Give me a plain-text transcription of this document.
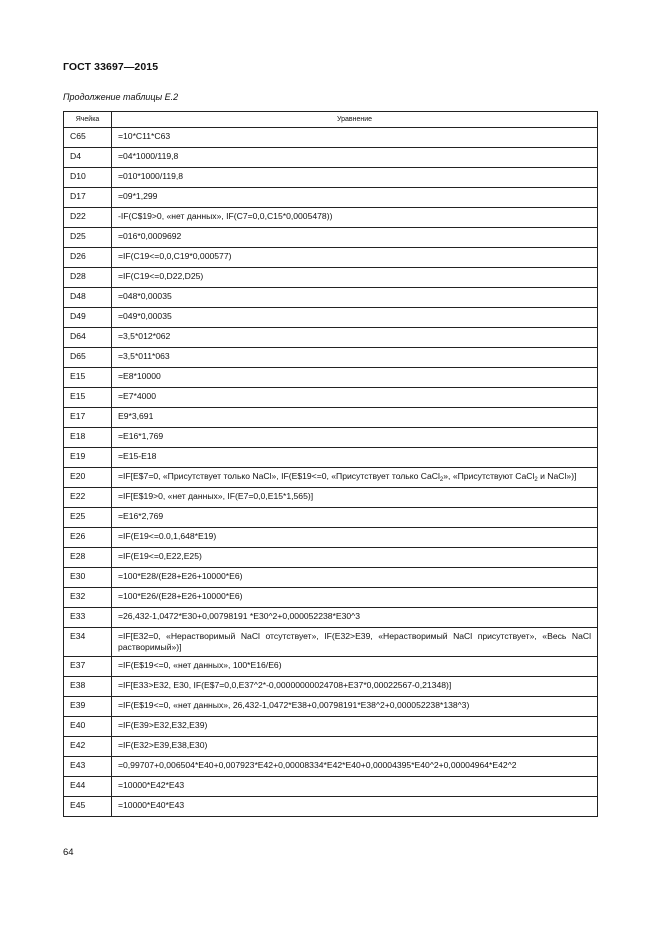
ГОСТ 33697—2015
Продолжение таблицы Е.2
Ячейка	Уравнение
C65	=10*C11*C63
D4	=04*1000/119,8
D10	=010*1000/119,8
D17	=09*1,299
D22	-IF(C$19>0, «нет данных», IF(C7=0,0,C15*0,0005478))
D25	=016*0,0009692
D26	=IF(C19<=0,0,C19*0,000577)
D28	=IF(C19<=0,D22,D25)
D48	=048*0,00035
D49	=049*0,00035
D64	=3,5*012*062
D65	=3,5*011*063
E15	=E8*10000
E15	=E7*4000
E17	E9*3,691
E18	=E16*1,769
E19	=E15-E18
E20	=IF[E$7=0, «Присутствует только NaCl», IF(E$19<=0, «Присутствует только CaCl$_2$», «Присутствуют CaCl$_2$ и NaCl»)]
E22	=IF[E$19>0, «нет данных», IF(E7=0,0,E15*1,565)]
E25	=E16*2,769
E26	=IF(E19<=0.0,1,648*E19)
E28	=IF(E19<=0,E22,E25)
E30	=100*E28/(E28+E26+10000*E6)
E32	=100*E26/(E28+E26+10000*E6)
E33	=26,432-1,0472*E30+0,00798191 *E30^2+0,000052238*E30^3
E34	=IF[E32=0, «Нерастворимый NaCl отсутствует», IF(E32>E39, «Нерастворимый NaCl присутствует», «Весь NaCl растворимый»)]
E37	=IF(E$19<=0, «нет данных», 100*E16/E6)
E38	=IF[E33>E32, E30, IF(E$7=0,0,E37^2*-0,00000000024708+E37*0,00022567-0,21348)]
E39	=IF(E$19<=0, «нет данных», 26,432-1,0472*E38+0,00798191*E38^2+0,000052238*138^3)
E40	=IF(E39>E32,E32,E39)
E42	=IF(E32>E39,E38,E30)
E43	=0,99707+0,006504*E40+0,007923*E42+0,00008334*E42*E40+0,00004395*E40^2+0,00004964*E42^2
E44	=10000*E42*E43
E45	=10000*E40*E43
64
